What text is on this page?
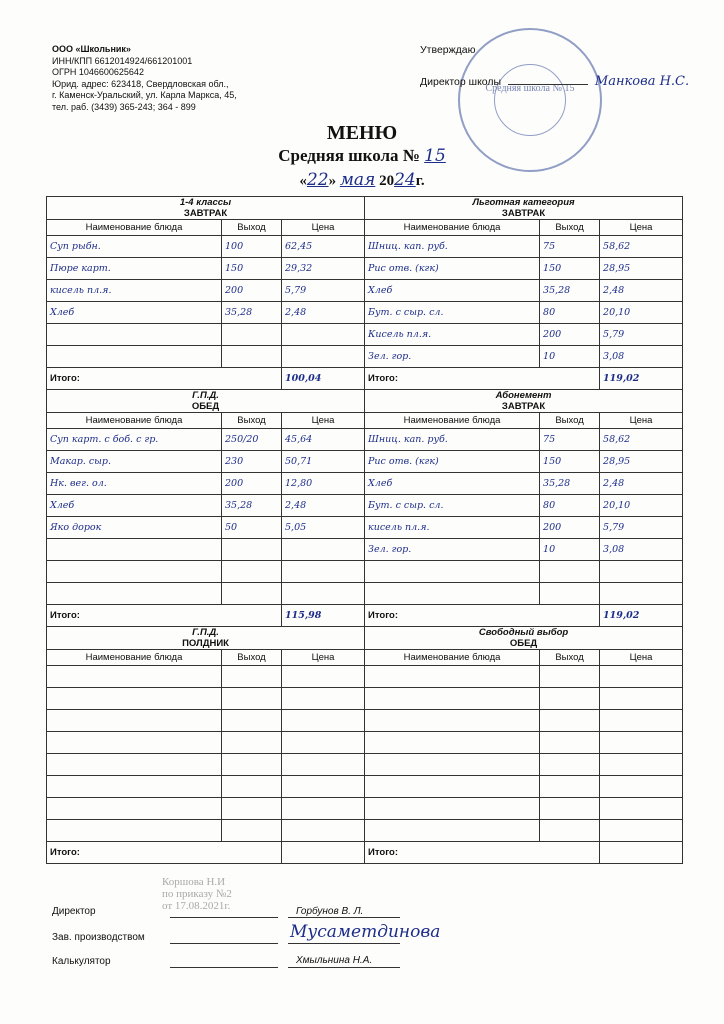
ООО «Школьник»
ИНН/КПП 6612014924/661201001
ОГРН 1046600625642
Юрид. адрес: 623418, Свердловская обл.,
г. Каменск-Уральский, ул. Карла Маркса, 45,
тел. раб. (3439) 365-243; 364 - 899
Средняя школа № 15
Утверждаю
Директор школы	Манкова Н.С.
МЕНЮ
Средняя школа № 15
«22» мая 2024г.
1-4 классы
ЗАВТРАК			Льготная категория
ЗАВТРАК		
Наименование блюда	Выход	Цена	Наименование блюда	Выход	Цена
Суп рыбн.	100	62,45	Шниц. кап. руб.	75	58,62
Пюре карт.	150	29,32	Рис отв. (кгк)	150	28,95
кисель пл.я.	200	5,79	Хлеб	35,28	2,48
Хлеб	35,28	2,48	Бут. с сыр. сл.	80	20,10
			Кисель пл.я.	200	5,79
			Зел. гор.	10	3,08
Итого:		100,04	Итого:		119,02

Г.П.Д.
ОБЕД			Абонемент
ЗАВТРАК		
Наименование блюда	Выход	Цена	Наименование блюда	Выход	Цена
Суп карт. с боб. с гр.	250/20	45,64	Шниц. кап. руб.	75	58,62
Макар. сыр.	230	50,71	Рис отв. (кгк)	150	28,95
Нк. вег. ол.	200	12,80	Хлеб	35,28	2,48
Хлеб	35,28	2,48	Бут. с сыр. сл.	80	20,10
Яко дорок	50	5,05	кисель пл.я.	200	5,79
			Зел. гор.	10	3,08

Итого:		115,98	Итого:		119,02

Г.П.Д.
ПОЛДНИК			Свободный выбор
ОБЕД		
Наименование блюда	Выход	Цена	Наименование блюда	Выход	Цена

Итого:			Итого:		
Коршова Н.И
по приказу №2
от 17.08.2021г.
Директор	Горбунов В. Л.
Зав. производством	Мусаметдинова
Калькулятор	Хмыльнина Н.А.
